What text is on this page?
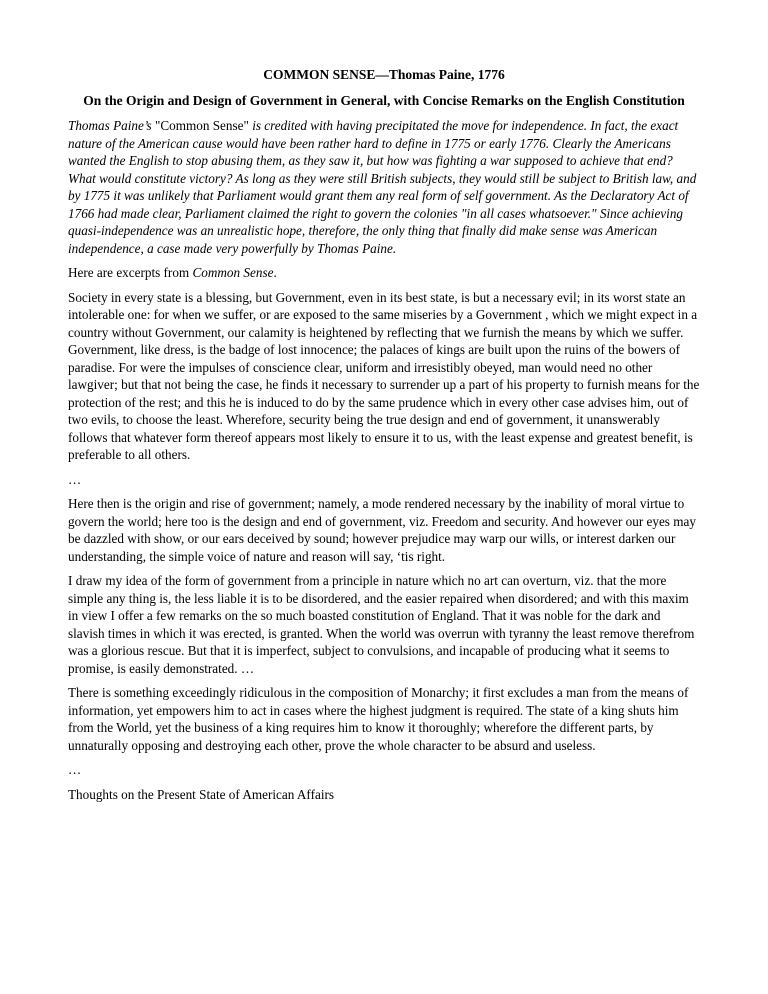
COMMON SENSE—Thomas Paine, 1776
On the Origin and Design of Government in General, with Concise Remarks on the English Constitution

Thomas Paine’s "Common Sense" is credited with having precipitated the move for independence. In fact, the exact nature of the American cause would have been rather hard to define in 1775 or early 1776. Clearly the Americans wanted the English to stop abusing them, as they saw it, but how was fighting a war supposed to achieve that end? What would constitute victory? As long as they were still British subjects, they would still be subject to British law, and by 1775 it was unlikely that Parliament would grant them any real form of self government. As the Declaratory Act of 1766 had made clear, Parliament claimed the right to govern the colonies "in all cases whatsoever." Since achieving quasi-independence was an unrealistic hope, therefore, the only thing that finally did make sense was American independence, a case made very powerfully by Thomas Paine.

Here are excerpts from Common Sense.

Society in every state is a blessing, but Government, even in its best state, is but a necessary evil; in its worst state an intolerable one: for when we suffer, or are exposed to the same miseries by a Government , which we might expect in a country without Government, our calamity is heightened by reflecting that we furnish the means by which we suffer. Government, like dress, is the badge of lost innocence; the palaces of kings are built upon the ruins of the bowers of paradise. For were the impulses of conscience clear, uniform and irresistibly obeyed, man would need no other lawgiver; but that not being the case, he finds it necessary to surrender up a part of his property to furnish means for the protection of the rest; and this he is induced to do by the same prudence which in every other case advises him, out of two evils, to choose the least. Wherefore, security being the true design and end of government, it unanswerably follows that whatever form thereof appears most likely to ensure it to us, with the least expense and greatest benefit, is preferable to all others.

…

Here then is the origin and rise of government; namely, a mode rendered necessary by the inability of moral virtue to govern the world; here too is the design and end of government, viz. Freedom and security. And however our eyes may be dazzled with show, or our ears deceived by sound; however prejudice may warp our wills, or interest darken our understanding, the simple voice of nature and reason will say, ‘tis right.

I draw my idea of the form of government from a principle in nature which no art can overturn, viz. that the more simple any thing is, the less liable it is to be disordered, and the easier repaired when disordered; and with this maxim in view I offer a few remarks on the so much boasted constitution of England. That it was noble for the dark and slavish times in which it was erected, is granted. When the world was overrun with tyranny the least remove therefrom was a glorious rescue. But that it is imperfect, subject to convulsions, and incapable of producing what it seems to promise, is easily demonstrated. …

There is something exceedingly ridiculous in the composition of Monarchy; it first excludes a man from the means of information, yet empowers him to act in cases where the highest judgment is required. The state of a king shuts him from the World, yet the business of a king requires him to know it thoroughly; wherefore the different parts, by unnaturally opposing and destroying each other, prove the whole character to be absurd and useless.

…

Thoughts on the Present State of American Affairs
